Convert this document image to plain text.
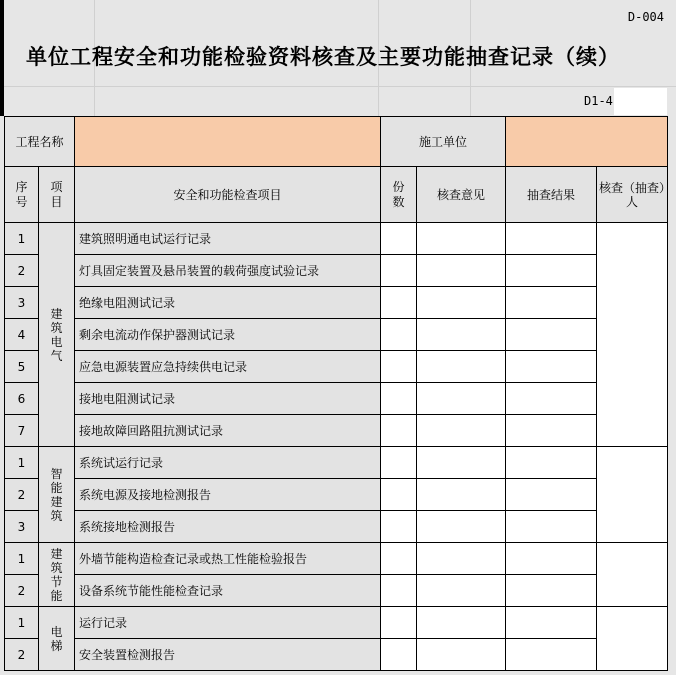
D-004
单位工程安全和功能检验资料核查及主要功能抽查记录（续）
D1-4
工程名称			施工单位			
序号	项目	安全和功能检查项目	份数	核查意见	抽查结果	核查（抽查）人
1	建筑电气	建筑照明通电试运行记录				
2		灯具固定装置及悬吊装置的载荷强度试验记录				
3		绝缘电阻测试记录				
4		剩余电流动作保护器测试记录				
5		应急电源装置应急持续供电记录				
6		接地电阻测试记录				
7		接地故障回路阻抗测试记录				
1	智能建筑	系统试运行记录				
2		系统电源及接地检测报告				
3		系统接地检测报告				
1	建筑节能	外墙节能构造检查记录或热工性能检验报告				
2		设备系统节能性能检查记录				
1	电梯	运行记录				
2		安全装置检测报告				
